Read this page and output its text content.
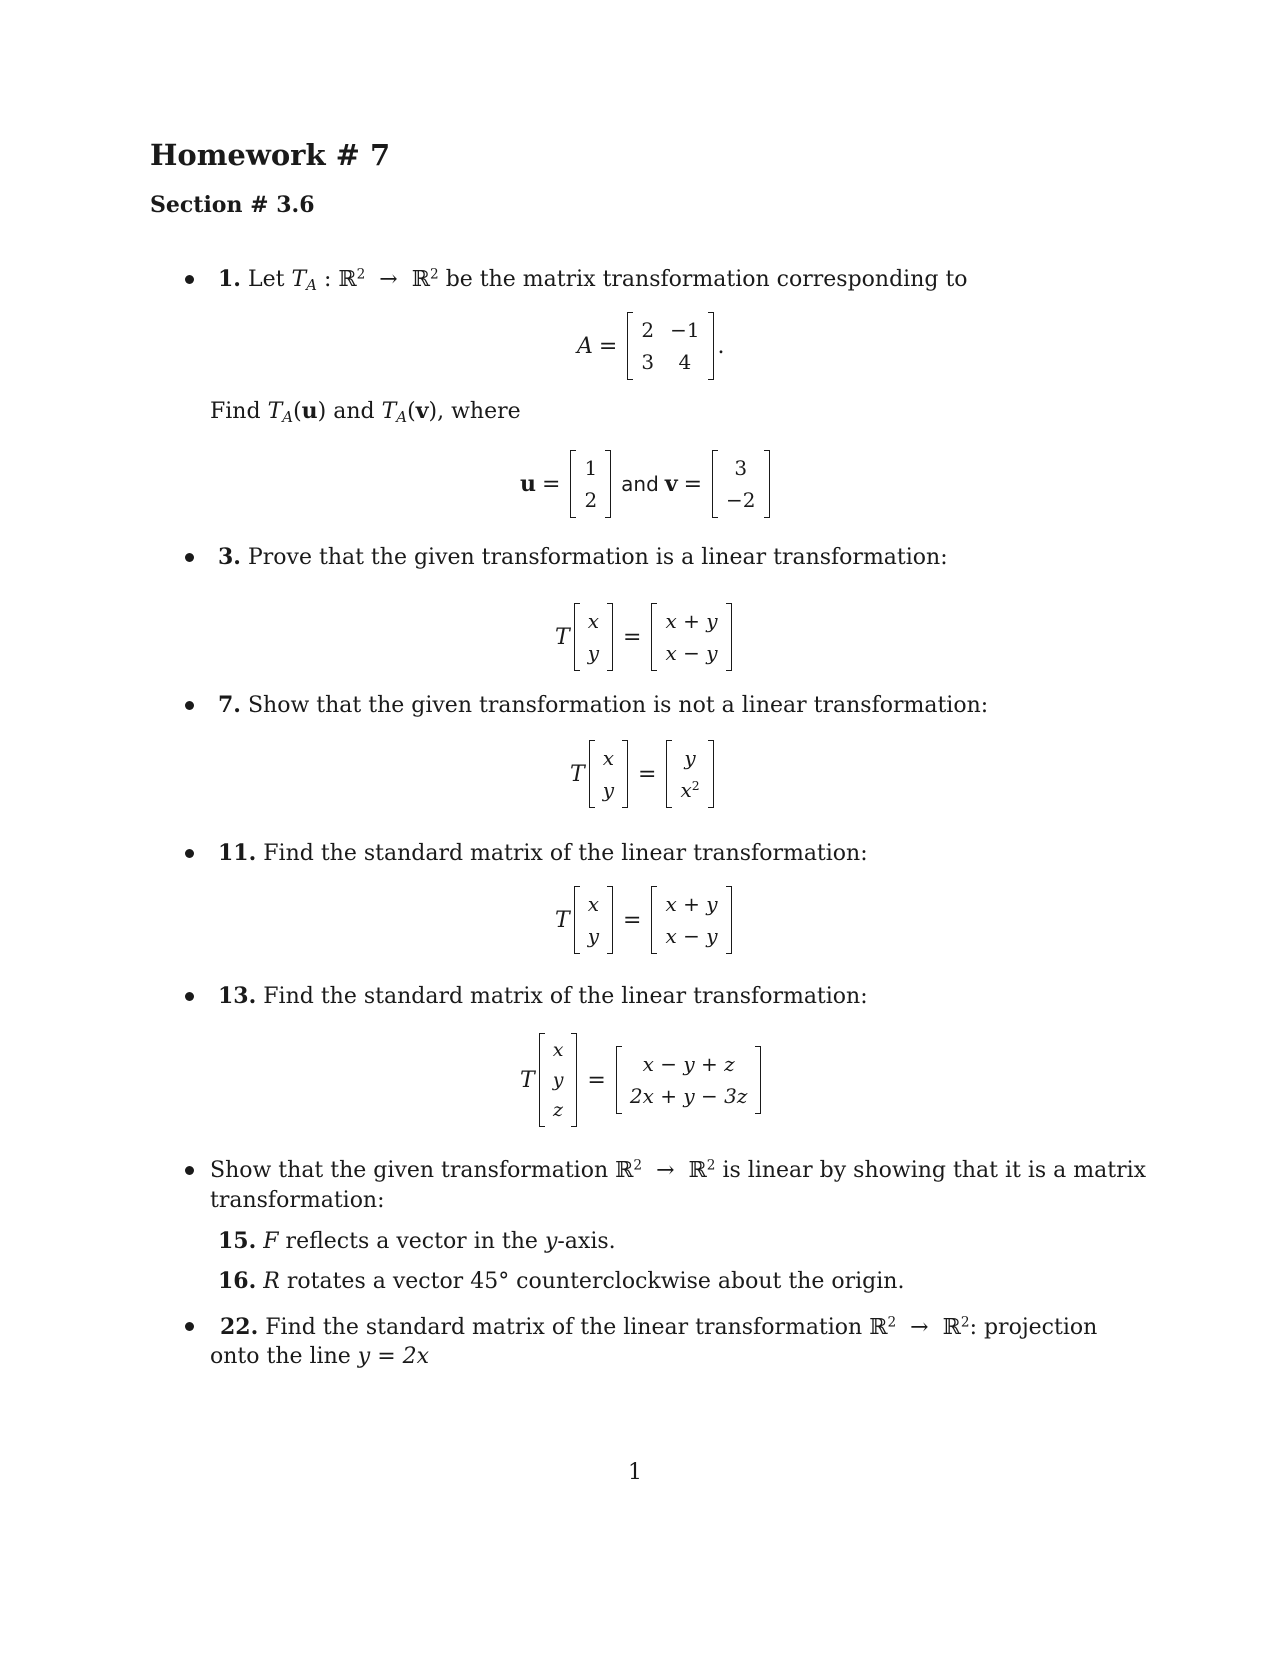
Homework # 7
Section # 3.6
1. Let $T_A$ : ℝ$^2$  →  ℝ$^2$ be the matrix transformation corresponding to
A =
2
3
−1
4
.
Find $T_A(u)$ and $T_A(v)$, where
u =
1
2
and v =
3
−2
3. Prove that the given transformation is a linear transformation:
T
x
y
=
x + y
x − y
7. Show that the given transformation is not a linear transformation:
T
x
y
=
y
$x^2$
11. Find the standard matrix of the linear transformation:
T
x
y
=
x + y
x − y
13. Find the standard matrix of the linear transformation:
T
x
y
z
=
x − y + z
2x + y − 3z
Show that the given transformation ℝ$^2$  →  ℝ$^2$ is linear by showing that it is a matrix
transformation:
15. F reflects a vector in the y-axis.
16. R rotates a vector 45° counterclockwise about the origin.
22. Find the standard matrix of the linear transformation ℝ$^2$  →  ℝ$^2$: projection
onto the line y = 2x
1
